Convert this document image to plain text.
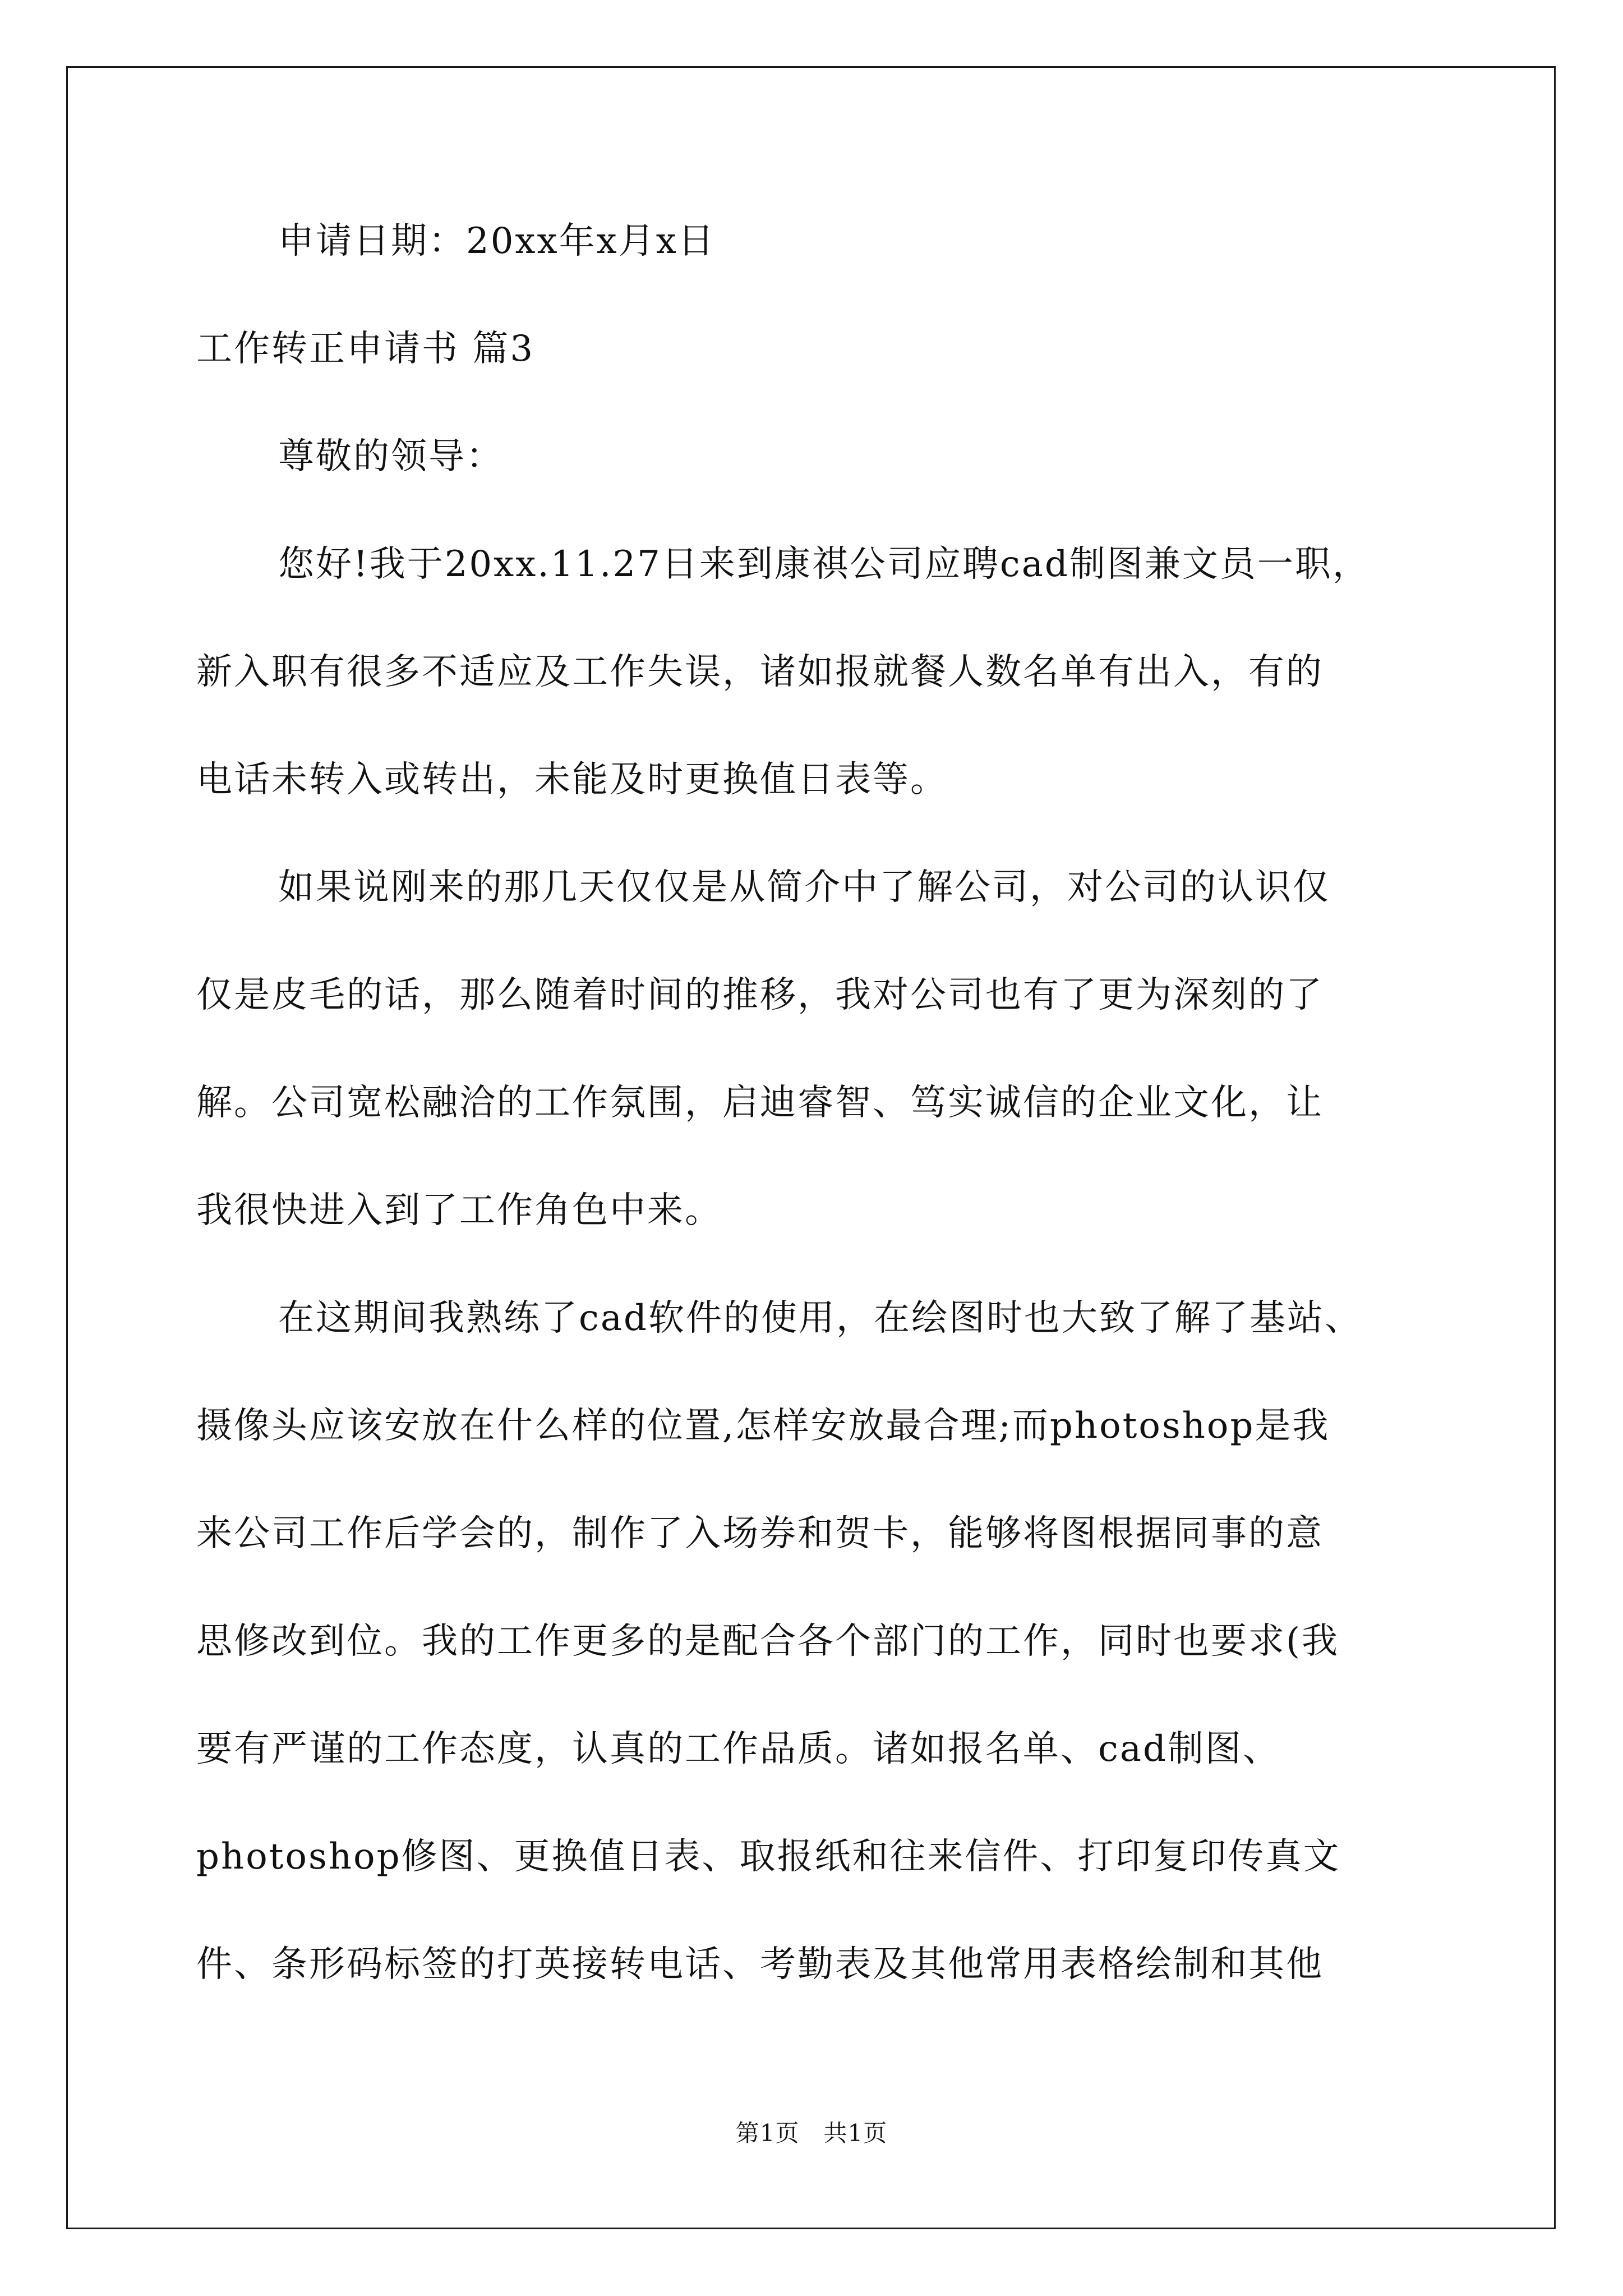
申请日期：20xx年x月x日
工作转正申请书 篇3
尊敬的领导：
您好!我于20xx.11.27日来到康祺公司应聘cad制图兼文员一职，
新入职有很多不适应及工作失误，诸如报就餐人数名单有出入，有的
电话未转入或转出，未能及时更换值日表等。
如果说刚来的那几天仅仅是从简介中了解公司，对公司的认识仅
仅是皮毛的话，那么随着时间的推移，我对公司也有了更为深刻的了
解。公司宽松融洽的工作氛围，启迪睿智、笃实诚信的企业文化，让
我很快进入到了工作角色中来。
在这期间我熟练了cad软件的使用，在绘图时也大致了解了基站、
摄像头应该安放在什么样的位置,怎样安放最合理;而photoshop是我
来公司工作后学会的，制作了入场券和贺卡，能够将图根据同事的意
思修改到位。我的工作更多的是配合各个部门的工作，同时也要求(我
要有严谨的工作态度，认真的工作品质。诸如报名单、cad制图、
photoshop修图、更换值日表、取报纸和往来信件、打印复印传真文
件、条形码标签的打英接转电话、考勤表及其他常用表格绘制和其他
第1页   共1页
